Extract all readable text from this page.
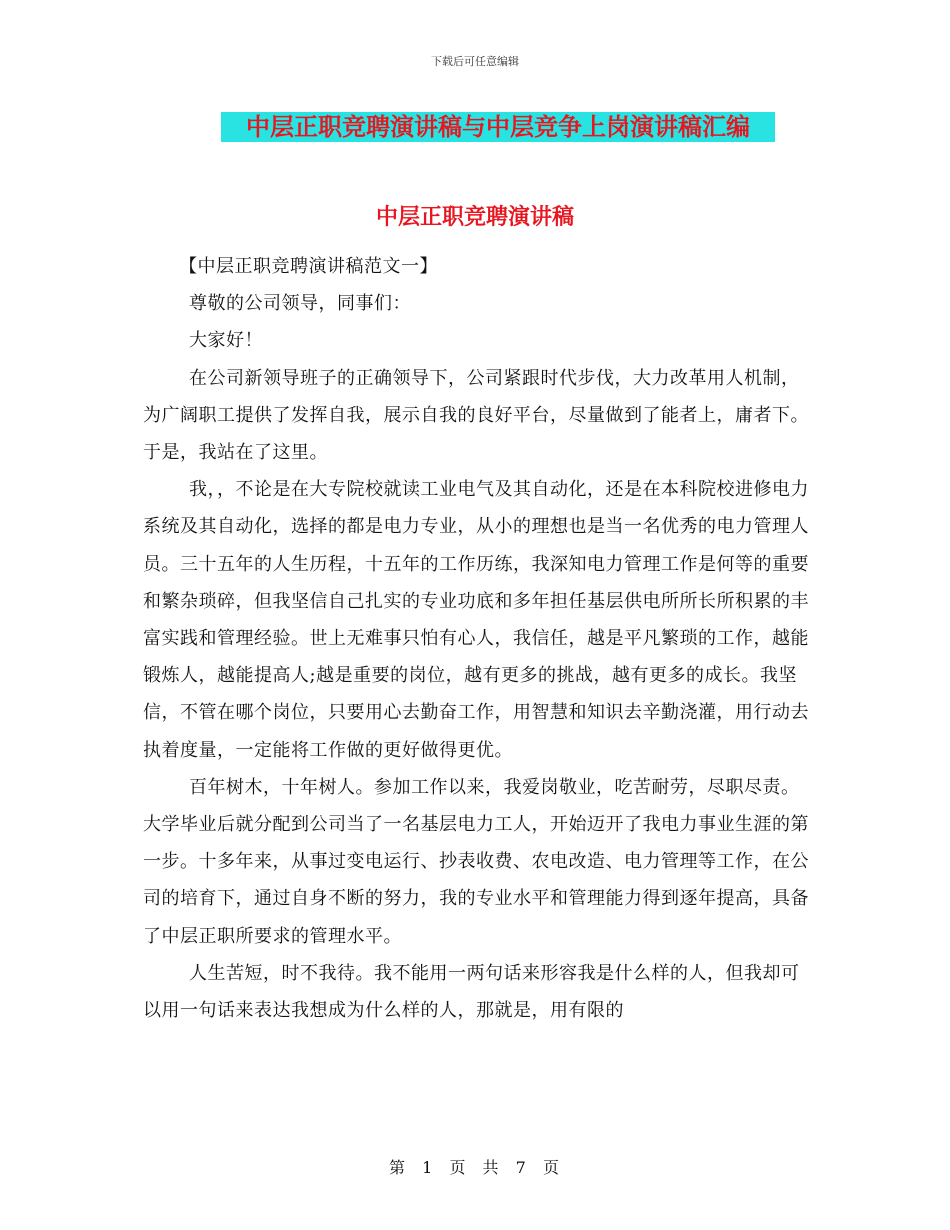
下载后可任意编辑
中层正职竞聘演讲稿与中层竞争上岗演讲稿汇编
中层正职竞聘演讲稿

【中层正职竞聘演讲稿范文一】

尊敬的公司领导，同事们：

大家好！

在公司新领导班子的正确领导下，公司紧跟时代步伐，大力改革用人机制，为广阔职工提供了发挥自我，展示自我的良好平台，尽量做到了能者上，庸者下。于是，我站在了这里。

我，，不论是在大专院校就读工业电气及其自动化，还是在本科院校进修电力系统及其自动化，选择的都是电力专业，从小的理想也是当一名优秀的电力管理人员。三十五年的人生历程，十五年的工作历练，我深知电力管理工作是何等的重要和繁杂琐碎，但我坚信自己扎实的专业功底和多年担任基层供电所所长所积累的丰富实践和管理经验。世上无难事只怕有心人，我信任，越是平凡繁琐的工作，越能锻炼人，越能提高人;越是重要的岗位，越有更多的挑战，越有更多的成长。我坚信，不管在哪个岗位，只要用心去勤奋工作，用智慧和知识去辛勤浇灌，用行动去执着度量，一定能将工作做的更好做得更优。

百年树木，十年树人。参加工作以来，我爱岗敬业，吃苦耐劳，尽职尽责。大学毕业后就分配到公司当了一名基层电力工人，开始迈开了我电力事业生涯的第一步。十多年来，从事过变电运行、抄表收费、农电改造、电力管理等工作，在公司的培育下，通过自身不断的努力，我的专业水平和管理能力得到逐年提高，具备了中层正职所要求的管理水平。

人生苦短，时不我待。我不能用一两句话来形容我是什么样的人，但我却可以用一句话来表达我想成为什么样的人，那就是，用有限的

第 1 页 共 7 页
